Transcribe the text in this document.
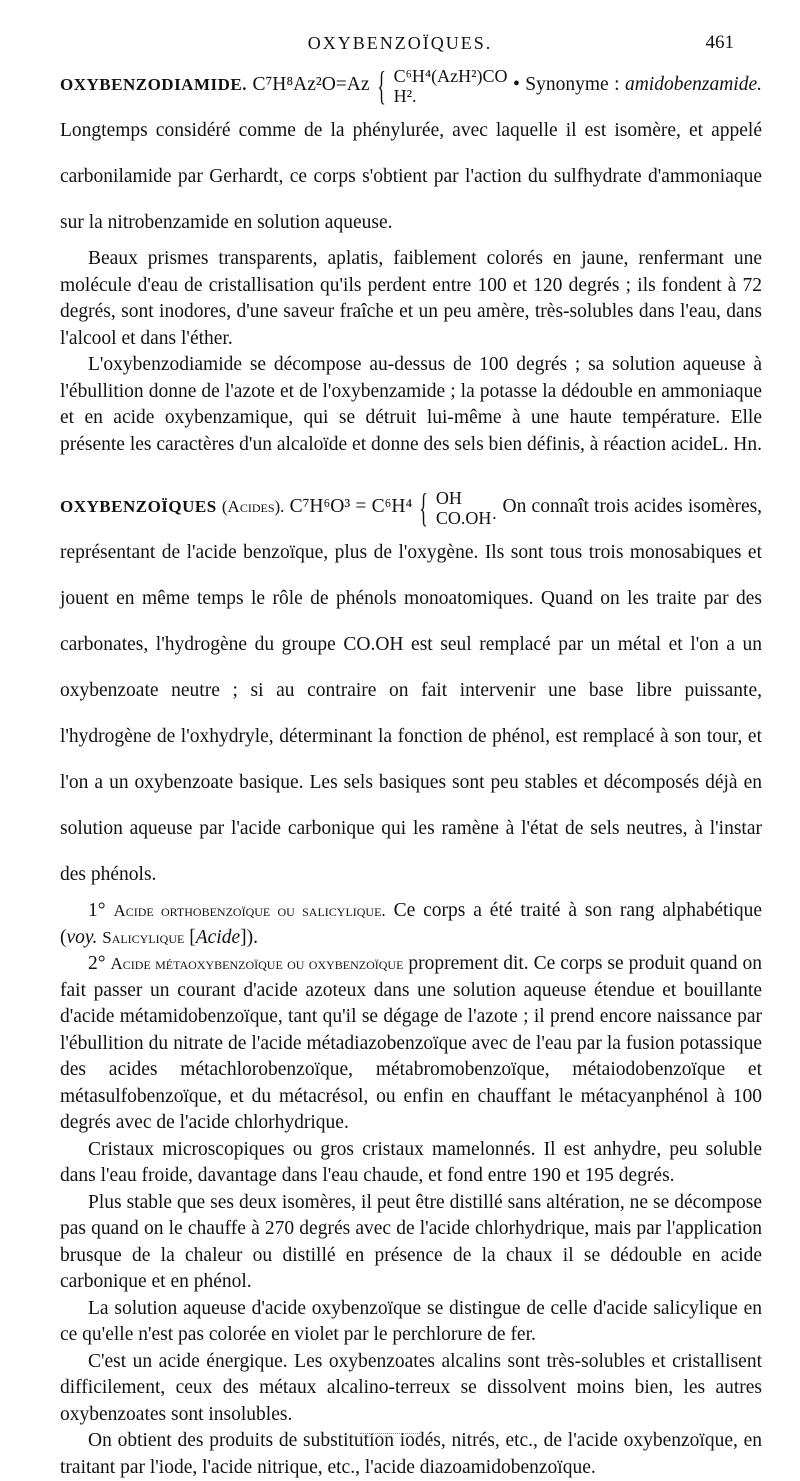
OXYBENZOÏQUES.	461

OXYBENZODIAMIDE. C⁷H⁸Az²O=Az { C⁶H⁴(AzH²)CO
H².
• Synonyme : amidobenzamide. Longtemps considéré comme de la phénylurée, avec laquelle il est isomère, et appelé carbonilamide par Gerhardt, ce corps s'obtient par l'action du sulfhydrate d'ammoniaque sur la nitrobenzamide en solution aqueuse.

Beaux prismes transparents, aplatis, faiblement colorés en jaune, renfermant une molécule d'eau de cristallisation qu'ils perdent entre 100 et 120 degrés ; ils fondent à 72 degrés, sont inodores, d'une saveur fraîche et un peu amère, très-solubles dans l'eau, dans l'alcool et dans l'éther.

L'oxybenzodiamide se décompose au-dessus de 100 degrés ; sa solution aqueuse à l'ébullition donne de l'azote et de l'oxybenzamide ; la potasse la dédouble en ammoniaque et en acide oxybenzamique, qui se détruit lui-même à une haute température. Elle présente les caractères d'un alcaloïde et donne des sels bien définis, à réaction acide.

L. Hn.

OXYBENZOÏQUES (Acides). C⁷H⁶O³ = C⁶H⁴ { OH
CO.OH·
On connaît trois acides isomères, représentant de l'acide benzoïque, plus de l'oxygène. Ils sont tous trois monosabiques et jouent en même temps le rôle de phénols monoatomiques. Quand on les traite par des carbonates, l'hydrogène du groupe CO.OH est seul remplacé par un métal et l'on a un oxybenzoate neutre ; si au contraire on fait intervenir une base libre puissante, l'hydrogène de l'oxhydryle, déterminant la fonction de phénol, est remplacé à son tour, et l'on a un oxybenzoate basique. Les sels basiques sont peu stables et décomposés déjà en solution aqueuse par l'acide carbonique qui les ramène à l'état de sels neutres, à l'instar des phénols.

1° Acide orthobenzoïque ou salicylique. Ce corps a été traité à son rang alphabétique (voy. Salicylique [Acide]).

2° Acide métaoxybenzoïque ou oxybenzoïque proprement dit. Ce corps se produit quand on fait passer un courant d'acide azoteux dans une solution aqueuse étendue et bouillante d'acide métamidobenzoïque, tant qu'il se dégage de l'azote ; il prend encore naissance par l'ébullition du nitrate de l'acide métadiazobenzoïque avec de l'eau par la fusion potassique des acides métachlorobenzoïque, métabromobenzoïque, métaiodobenzoïque et métasulfobenzoïque, et du métacrésol, ou enfin en chauffant le métacyanphénol à 100 degrés avec de l'acide chlorhydrique.

Cristaux microscopiques ou gros cristaux mamelonnés. Il est anhydre, peu soluble dans l'eau froide, davantage dans l'eau chaude, et fond entre 190 et 195 degrés.

Plus stable que ses deux isomères, il peut être distillé sans altération, ne se décompose pas quand on le chauffe à 270 degrés avec de l'acide chlorhydrique, mais par l'application brusque de la chaleur ou distillé en présence de la chaux il se dédouble en acide carbonique et en phénol.

La solution aqueuse d'acide oxybenzoïque se distingue de celle d'acide salicylique en ce qu'elle n'est pas colorée en violet par le perchlorure de fer.

C'est un acide énergique. Les oxybenzoates alcalins sont très-solubles et cristallisent difficilement, ceux des métaux alcalino-terreux se dissolvent moins bien, les autres oxybenzoates sont insolubles.

On obtient des produits de substitution iodés, nitrés, etc., de l'acide oxybenzoïque, en traitant par l'iode, l'acide nitrique, etc., l'acide diazoamidobenzoïque.
